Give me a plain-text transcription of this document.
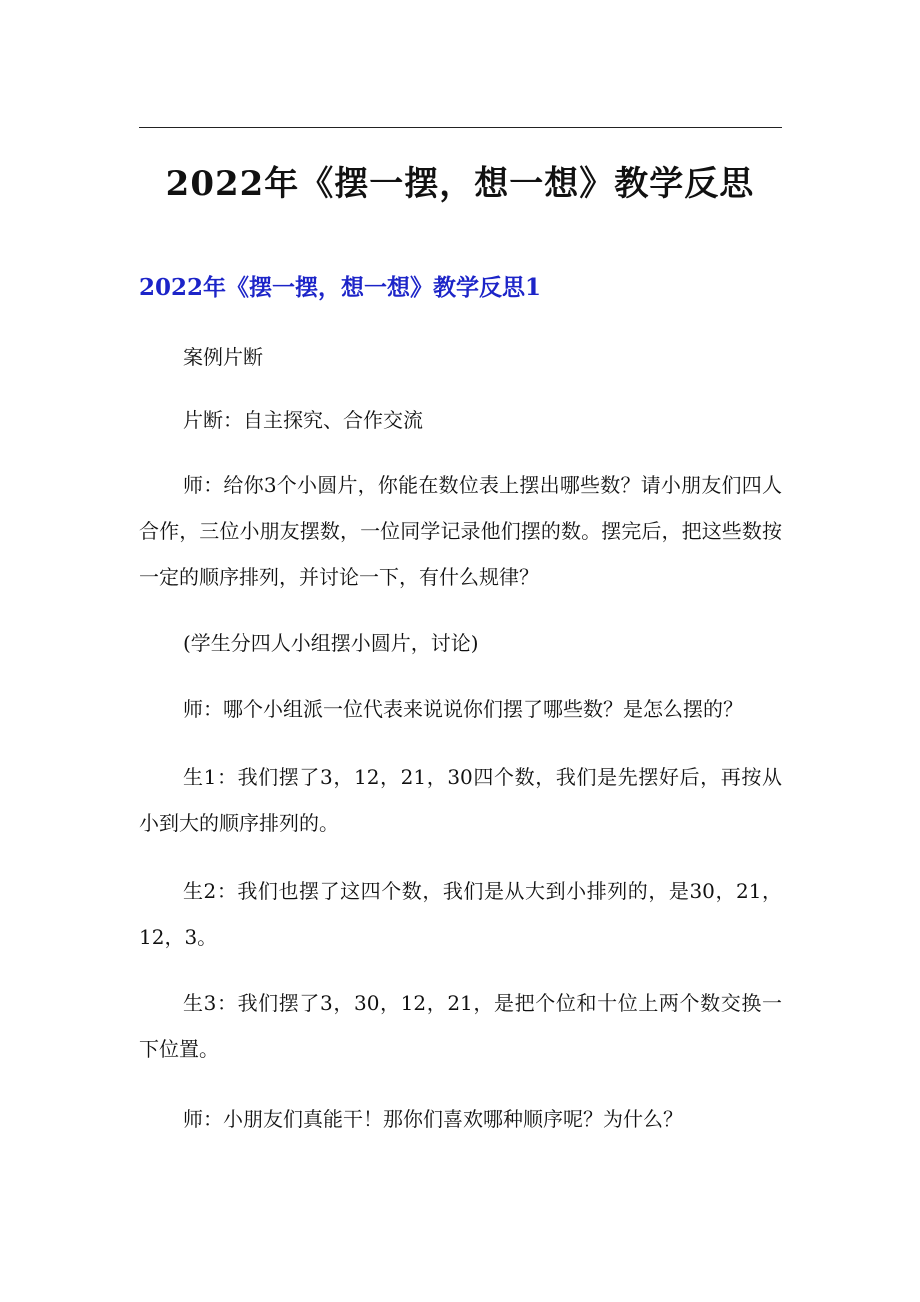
2022年《摆一摆，想一想》教学反思
2022年《摆一摆，想一想》教学反思1

案例片断

片断：自主探究、合作交流

师：给你3个小圆片，你能在数位表上摆出哪些数？请小朋友们四人合作，三位小朋友摆数，一位同学记录他们摆的数。摆完后，把这些数按一定的顺序排列，并讨论一下，有什么规律？

(学生分四人小组摆小圆片，讨论)

师：哪个小组派一位代表来说说你们摆了哪些数？是怎么摆的？

生1：我们摆了3，12，21，30四个数，我们是先摆好后，再按从小到大的顺序排列的。

生2：我们也摆了这四个数，我们是从大到小排列的，是30，21，12，3。

生3：我们摆了3，30，12，21，是把个位和十位上两个数交换一下位置。

师：小朋友们真能干！那你们喜欢哪种顺序呢？为什么？
